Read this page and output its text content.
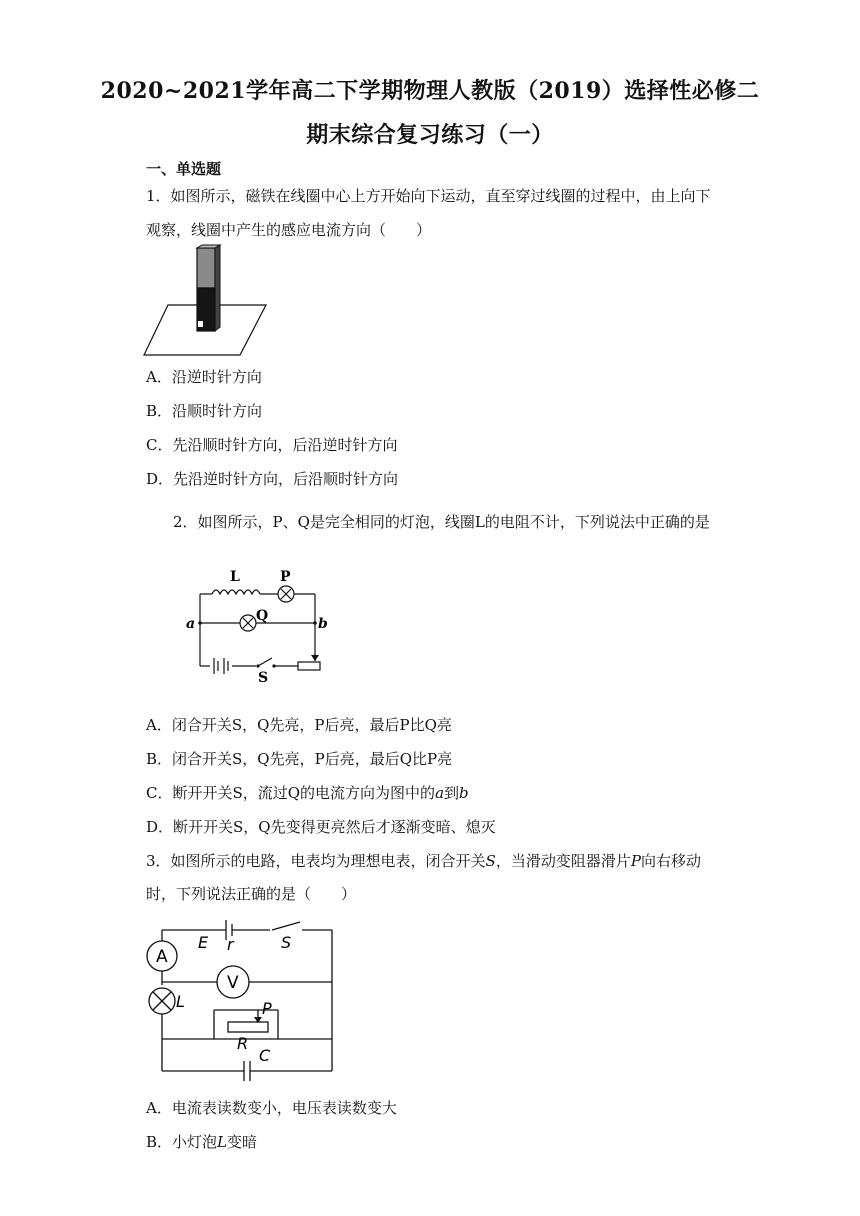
2020~2021学年高二下学期物理人教版（2019）选择性必修二
期末综合复习练习（一）
一、单选题
1．如图所示，磁铁在线圈中心上方开始向下运动，直至穿过线圈的过程中，由上向下
观察，线圈中产生的感应电流方向（　　）
A．沿逆时针方向
B．沿顺时针方向
C．先沿顺时针方向，后沿逆时针方向
D．先沿逆时针方向，后沿顺时针方向
2．如图所示，P、Q是完全相同的灯泡，线圈L的电阻不计，下列说法中正确的是
L	P
Q
a	b
S
A．闭合开关S，Q先亮，P后亮，最后P比Q亮
B．闭合开关S，Q先亮，P后亮，最后Q比P亮
C．断开开关S，流过Q的电流方向为图中的a到b
D．断开开关S，Q先变得更亮然后才逐渐变暗、熄灭
3．如图所示的电路，电表均为理想电表，闭合开关S，当滑动变阻器滑片P向右移动
时，下列说法正确的是（　　）
A
E r	S
V
L	P
R
C
A．电流表读数变小，电压表读数变大
B．小灯泡L变暗
